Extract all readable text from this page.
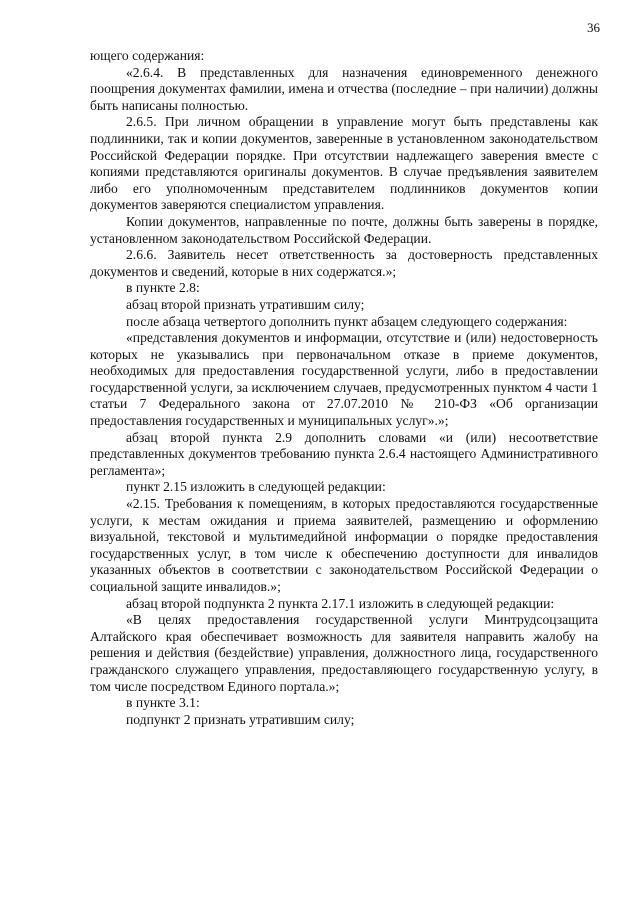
36

ющего содержания:

«2.6.4. В представленных для назначения единовременного денежного поощрения документах фамилии, имена и отчества (последние – при наличии) должны быть написаны полностью.

2.6.5. При личном обращении в управление могут быть представлены как подлинники, так и копии документов, заверенные в установленном законодательством Российской Федерации порядке. При отсутствии надлежащего заверения вместе с копиями представляются оригиналы документов. В случае предъявления заявителем либо его уполномоченным представителем подлинников документов копии документов заверяются специалистом управления.

Копии документов, направленные по почте, должны быть заверены в порядке, установленном законодательством Российской Федерации.

2.6.6. Заявитель несет ответственность за достоверность представленных документов и сведений, которые в них содержатся.»;

в пункте 2.8:

абзац второй признать утратившим силу;

после абзаца четвертого дополнить пункт абзацем следующего содержания:

«представления документов и информации, отсутствие и (или) недостоверность которых не указывались при первоначальном отказе в приеме документов, необходимых для предоставления государственной услуги, либо в предоставлении государственной услуги, за исключением случаев, предусмотренных пунктом 4 части 1 статьи 7 Федерального закона от 27.07.2010 № 210-ФЗ «Об организации предоставления государственных и муниципальных услуг».»;

абзац второй пункта 2.9 дополнить словами «и (или) несоответствие представленных документов требованию пункта 2.6.4 настоящего Административного регламента»;

пункт 2.15 изложить в следующей редакции:

«2.15. Требования к помещениям, в которых предоставляются государственные услуги, к местам ожидания и приема заявителей, размещению и оформлению визуальной, текстовой и мультимедийной информации о порядке предоставления государственных услуг, в том числе к обеспечению доступности для инвалидов указанных объектов в соответствии с законодательством Российской Федерации о социальной защите инвалидов.»;

абзац второй подпункта 2 пункта 2.17.1 изложить в следующей редакции:

«В целях предоставления государственной услуги Минтрудсоцзащита Алтайского края обеспечивает возможность для заявителя направить жалобу на решения и действия (бездействие) управления, должностного лица, государственного гражданского служащего управления, предоставляющего государственную услугу, в том числе посредством Единого портала.»;

в пункте 3.1:

подпункт 2 признать утратившим силу;
